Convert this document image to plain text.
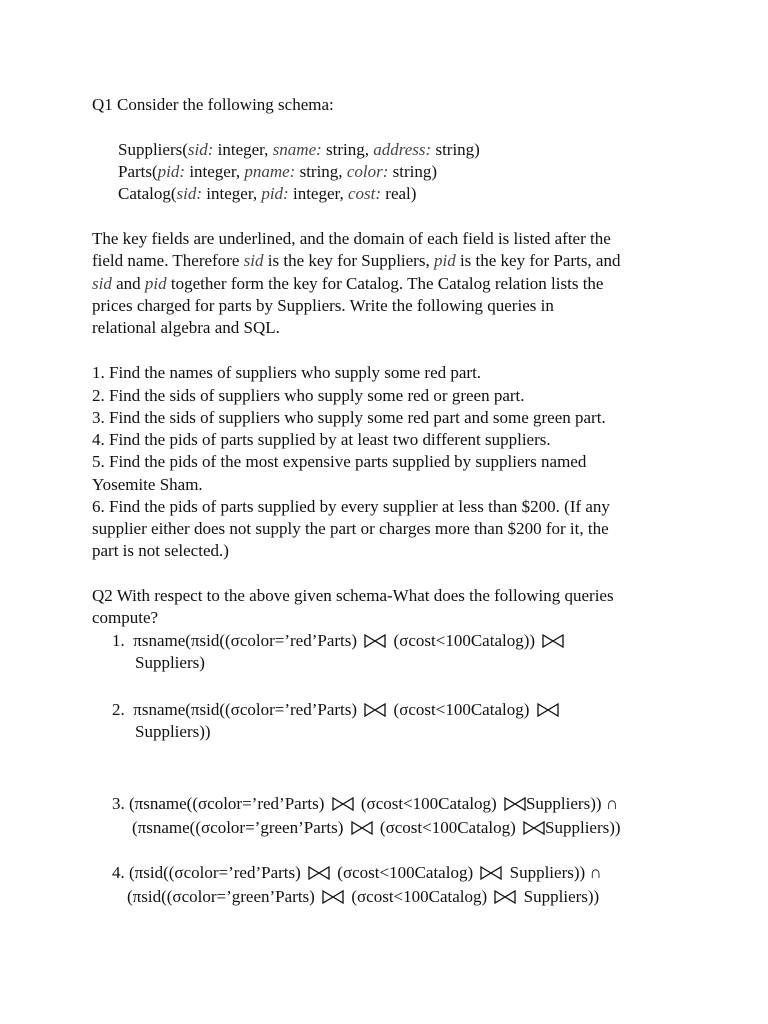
Q1 Consider the following schema:
Suppliers(sid: integer, sname: string, address: string)
Parts(pid: integer, pname: string, color: string)
Catalog(sid: integer, pid: integer, cost: real)
The key fields are underlined, and the domain of each field is listed after the
field name. Therefore sid is the key for Suppliers, pid is the key for Parts, and
sid and pid together form the key for Catalog. The Catalog relation lists the
prices charged for parts by Suppliers. Write the following queries in
relational algebra and SQL.
1. Find the names of suppliers who supply some red part.
2. Find the sids of suppliers who supply some red or green part.
3. Find the sids of suppliers who supply some red part and some green part.
4. Find the pids of parts supplied by at least two different suppliers.
5. Find the pids of the most expensive parts supplied by suppliers named
Yosemite Sham.
6. Find the pids of parts supplied by every supplier at less than $200. (If any
supplier either does not supply the part or charges more than $200 for it, the
part is not selected.)
Q2 With respect to the above given schema-What does the following queries
compute?
1. πsname(πsid((σcolor=’red’Parts) (σcost<100Catalog))
Suppliers)
2. πsname(πsid((σcolor=’red’Parts) (σcost<100Catalog)
Suppliers))
3. (πsname((σcolor=’red’Parts) (σcost<100Catalog) Suppliers)) ∩
(πsname((σcolor=’green’Parts) (σcost<100Catalog) Suppliers))
4. (πsid((σcolor=’red’Parts) (σcost<100Catalog) Suppliers)) ∩
(πsid((σcolor=’green’Parts) (σcost<100Catalog) Suppliers))
